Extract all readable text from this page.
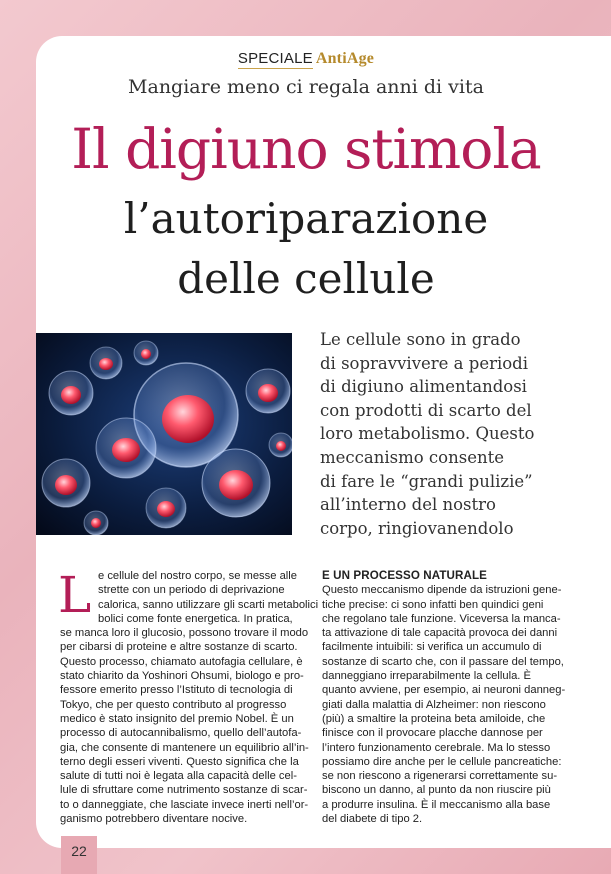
SPECIALE AntiAge
Mangiare meno ci regala anni di vita
Il digiuno stimola
l’autoriparazione
delle cellule
Le cellule sono in grado
di sopravvivere a periodi
di digiuno alimentandosi
con prodotti di scarto del
loro metabolismo. Questo
meccanismo consente
di fare le “grandi pulizie”
all’interno del nostro
corpo, ringiovanendolo
L e cellule del nostro corpo, se messe alle
strette con un periodo di deprivazione
calorica, sanno utilizzare gli scarti metabolici
bolici come fonte energetica. In pratica,
se manca loro il glucosio, possono trovare il modo
per cibarsi di proteine e altre sostanze di scarto.
Questo processo, chiamato autofagia cellulare, è
stato chiarito da Yoshinori Ohsumi, biologo e pro-
fessore emerito presso l’Istituto di tecnologia di
Tokyo, che per questo contributo al progresso
medico è stato insignito del premio Nobel. È un
processo di autocannibalismo, quello dell’autofa-
gia, che consente di mantenere un equilibrio all’in-
terno degli esseri viventi. Questo significa che la
salute di tutti noi è legata alla capacità delle cel-
lule di sfruttare come nutrimento sostanze di scar-
to o danneggiate, che lasciate invece inerti nell’or-
ganismo potrebbero diventare nocive.
E UN PROCESSO NATURALE
Questo meccanismo dipende da istruzioni gene-
tiche precise: ci sono infatti ben quindici geni
che regolano tale funzione. Viceversa la manca-
ta attivazione di tale capacità provoca dei danni
facilmente intuibili: si verifica un accumulo di
sostanze di scarto che, con il passare del tempo,
danneggiano irreparabilmente la cellula. È
quanto avviene, per esempio, ai neuroni danneg-
giati dalla malattia di Alzheimer: non riescono
(più) a smaltire la proteina beta amiloide, che
finisce con il provocare placche dannose per
l’intero funzionamento cerebrale. Ma lo stesso
possiamo dire anche per le cellule pancreatiche:
se non riescono a rigenerarsi correttamente su-
biscono un danno, al punto da non riuscire più
a produrre insulina. È il meccanismo alla base
del diabete di tipo 2.
22
